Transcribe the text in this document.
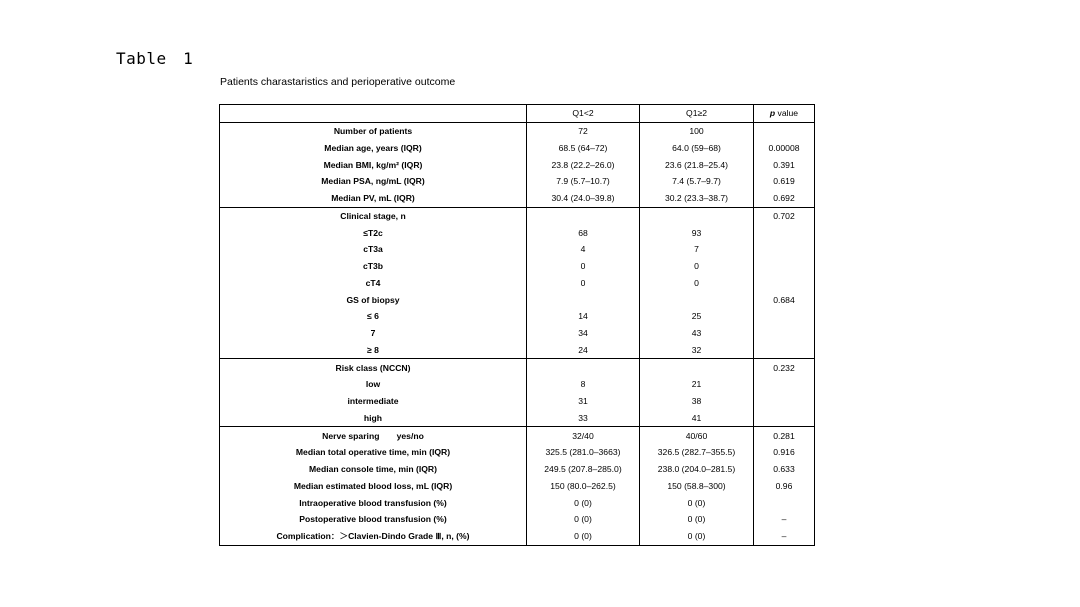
Table　1
Patients charastaristics and perioperative outcome
	Q1<2	Q1≥2	p value
Number of patients	72	100	
Median age, years (IQR)	68.5 (64–72)	64.0 (59–68)	0.00008
Median BMI, kg/m² (IQR)	23.8 (22.2–26.0)	23.6 (21.8–25.4)	0.391
Median PSA, ng/mL (IQR)	7.9 (5.7–10.7)	7.4 (5.7–9.7)	0.619
Median PV, mL (IQR)	30.4 (24.0–39.8)	30.2 (23.3–38.7)	0.692
Clinical stage, n			0.702
≤T2c	68	93	
cT3a	4	7	
cT3b	0	0	
cT4	0	0	
GS of biopsy			0.684
≤ 6	14	25	
7	34	43	
≥ 8	24	32	
Risk class (NCCN)			0.232
low	8	21	
intermediate	31	38	
high	33	41	
Nerve sparing　　yes/no	32/40	40/60	0.281
Median total operative time, min (IQR)	325.5 (281.0–3663)	326.5 (282.7–355.5)	0.916
Median console time, min (IQR)	249.5 (207.8–285.0)	238.0 (204.0–281.5)	0.633
Median estimated blood loss, mL (IQR)	150 (80.0–262.5)	150 (58.8–300)	0.96
Intraoperative blood transfusion (%)	0 (0)	0 (0)	
Postoperative blood transfusion (%)	0 (0)	0 (0)	–
Complication：＞Clavien-Dindo Grade Ⅲ, n, (%)	0 (0)	0 (0)	–
